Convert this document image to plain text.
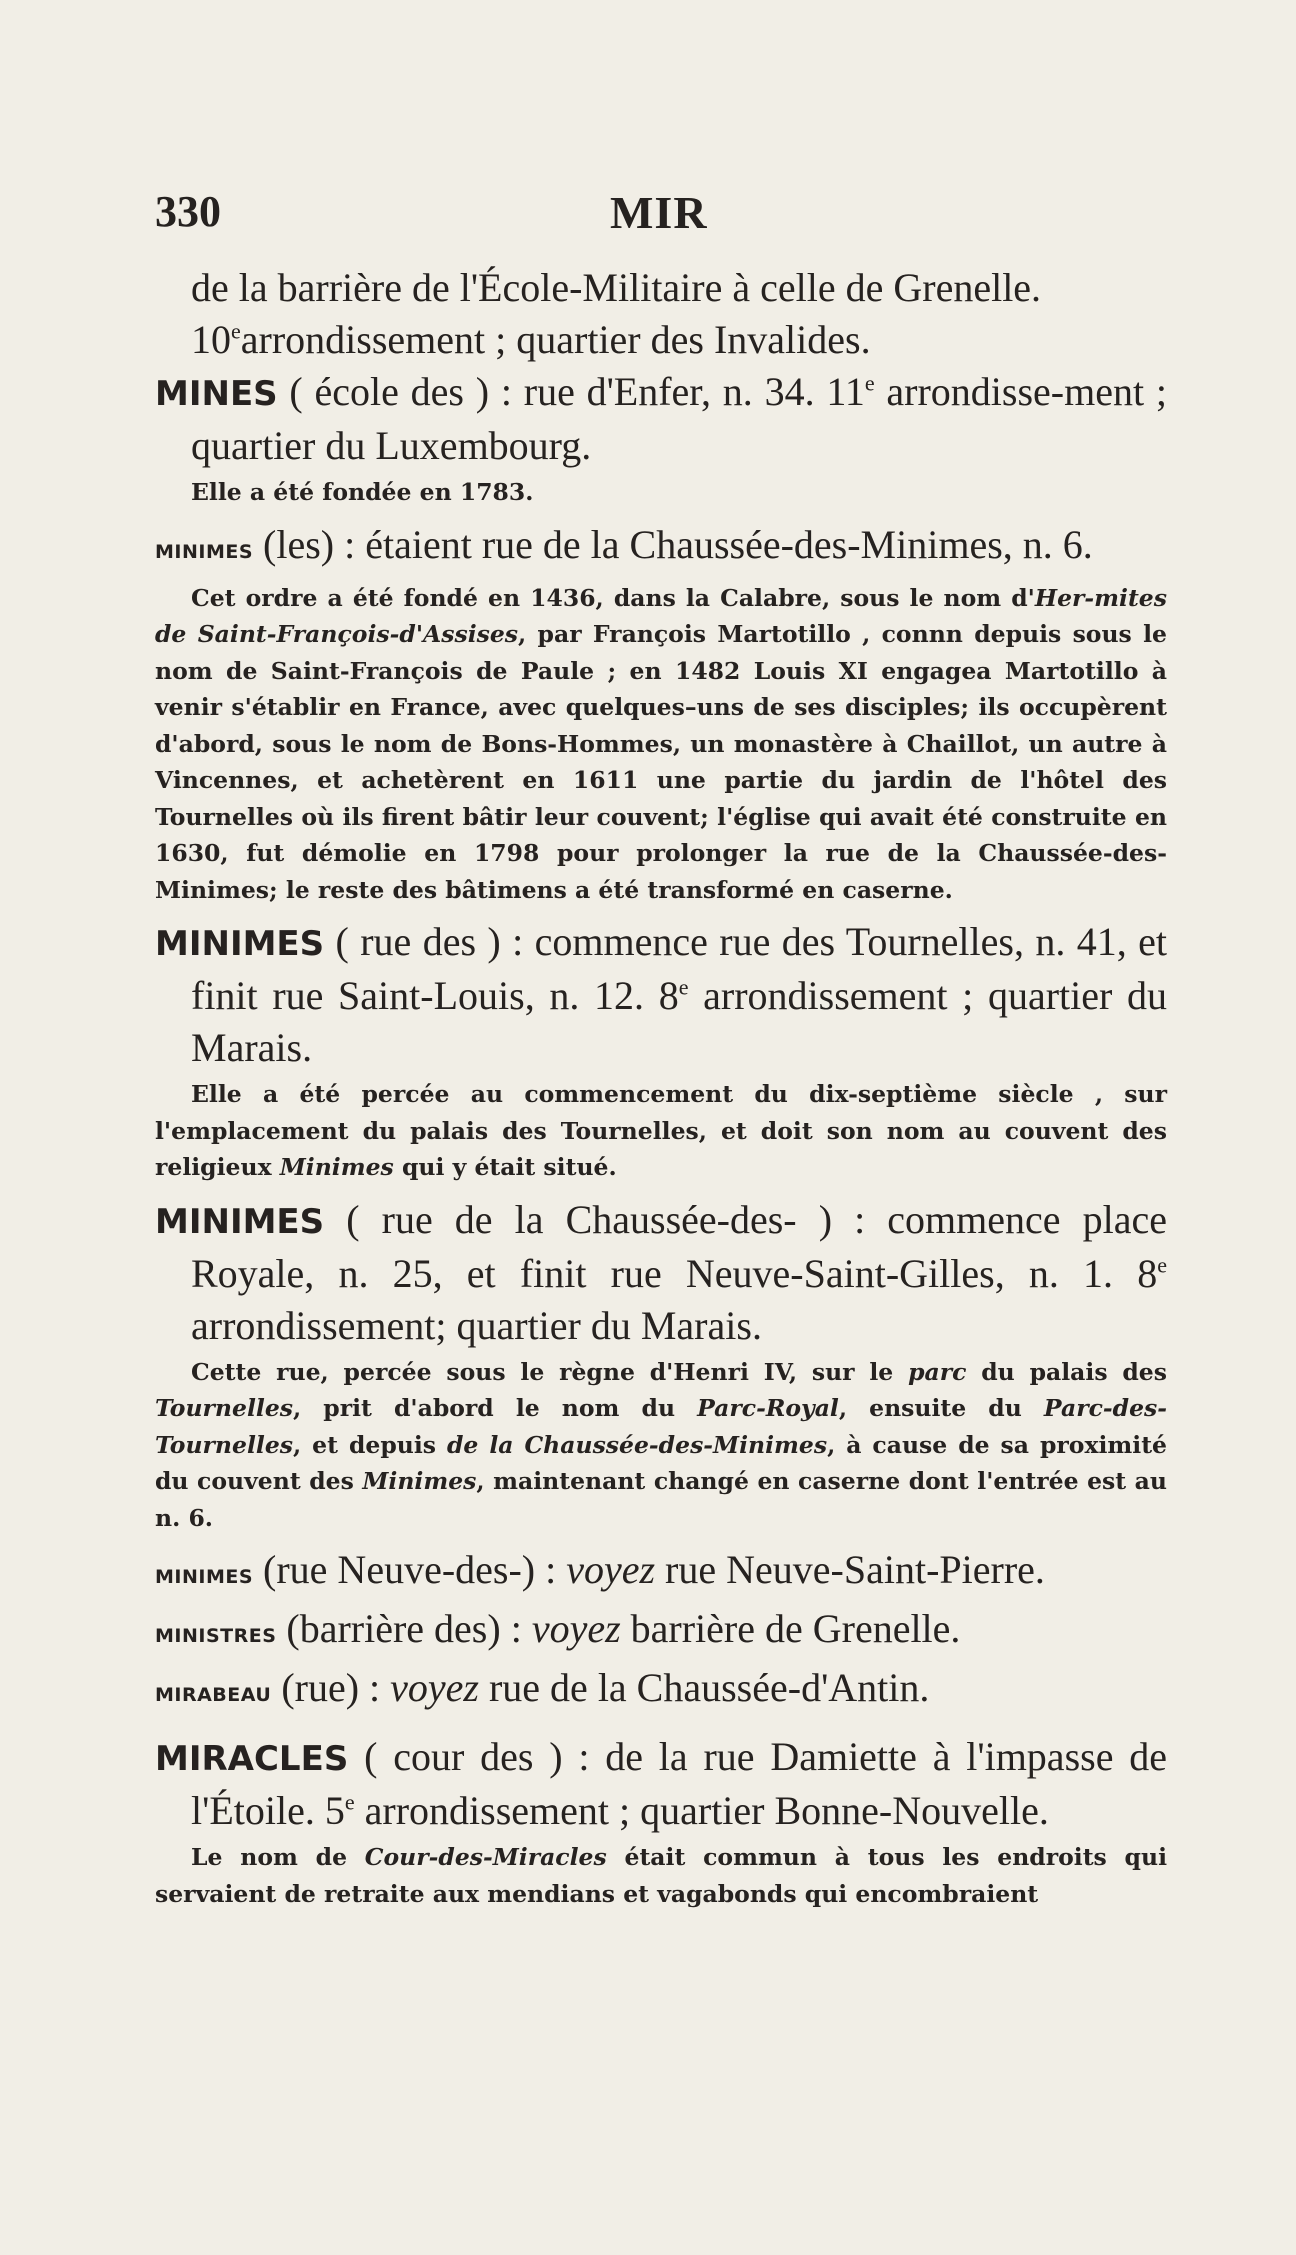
330	MIR

de la barrière de l'École-Militaire à celle de Grenelle.
10earrondissement ; quartier des Invalides.

MINES ( école des ) : rue d'Enfer, n. 34. 11e arrondisse-ment ; quartier du Luxembourg.

Elle a été fondée en 1783.

MINIMES (les) : étaient rue de la Chaussée-des-Minimes, n. 6.

Cet ordre a été fondé en 1436, dans la Calabre, sous le nom d'Her-mites de Saint-François-d'Assises, par François Martotillo , connn depuis sous le nom de Saint-François de Paule ; en 1482 Louis XI engagea Martotillo à venir s'établir en France, avec quelques–uns de ses disciples; ils occupèrent d'abord, sous le nom de Bons-Hommes, un monastère à Chaillot, un autre à Vincennes, et achetèrent en 1611 une partie du jardin de l'hôtel des Tournelles où ils firent bâtir leur couvent; l'église qui avait été construite en 1630, fut démolie en 1798 pour prolonger la rue de la Chaussée-des-Minimes; le reste des bâtimens a été transformé en caserne.

MINIMES ( rue des ) : commence rue des Tournelles, n. 41, et finit rue Saint-Louis, n. 12. 8e arrondissement ; quartier du Marais.

Elle a été percée au commencement du dix-septième siècle , sur l'emplacement du palais des Tournelles, et doit son nom au couvent des religieux Minimes qui y était situé.

MINIMES ( rue de la Chaussée-des- ) : commence place Royale, n. 25, et finit rue Neuve-Saint-Gilles, n. 1. 8e arrondissement; quartier du Marais.

Cette rue, percée sous le règne d'Henri IV, sur le parc du palais des Tournelles, prit d'abord le nom du Parc-Royal, ensuite du Parc-des-Tournelles, et depuis de la Chaussée-des-Minimes, à cause de sa proximité du couvent des Minimes, maintenant changé en caserne dont l'entrée est au n. 6.

MINIMES (rue Neuve-des-) : voyez rue Neuve-Saint-Pierre.

MINISTRES (barrière des) : voyez barrière de Grenelle.

MIRABEAU (rue) : voyez rue de la Chaussée-d'Antin.

MIRACLES ( cour des ) : de la rue Damiette à l'impasse de l'Étoile. 5e arrondissement ; quartier Bonne-Nouvelle.

Le nom de Cour-des-Miracles était commun à tous les endroits qui servaient de retraite aux mendians et vagabonds qui encombraient
